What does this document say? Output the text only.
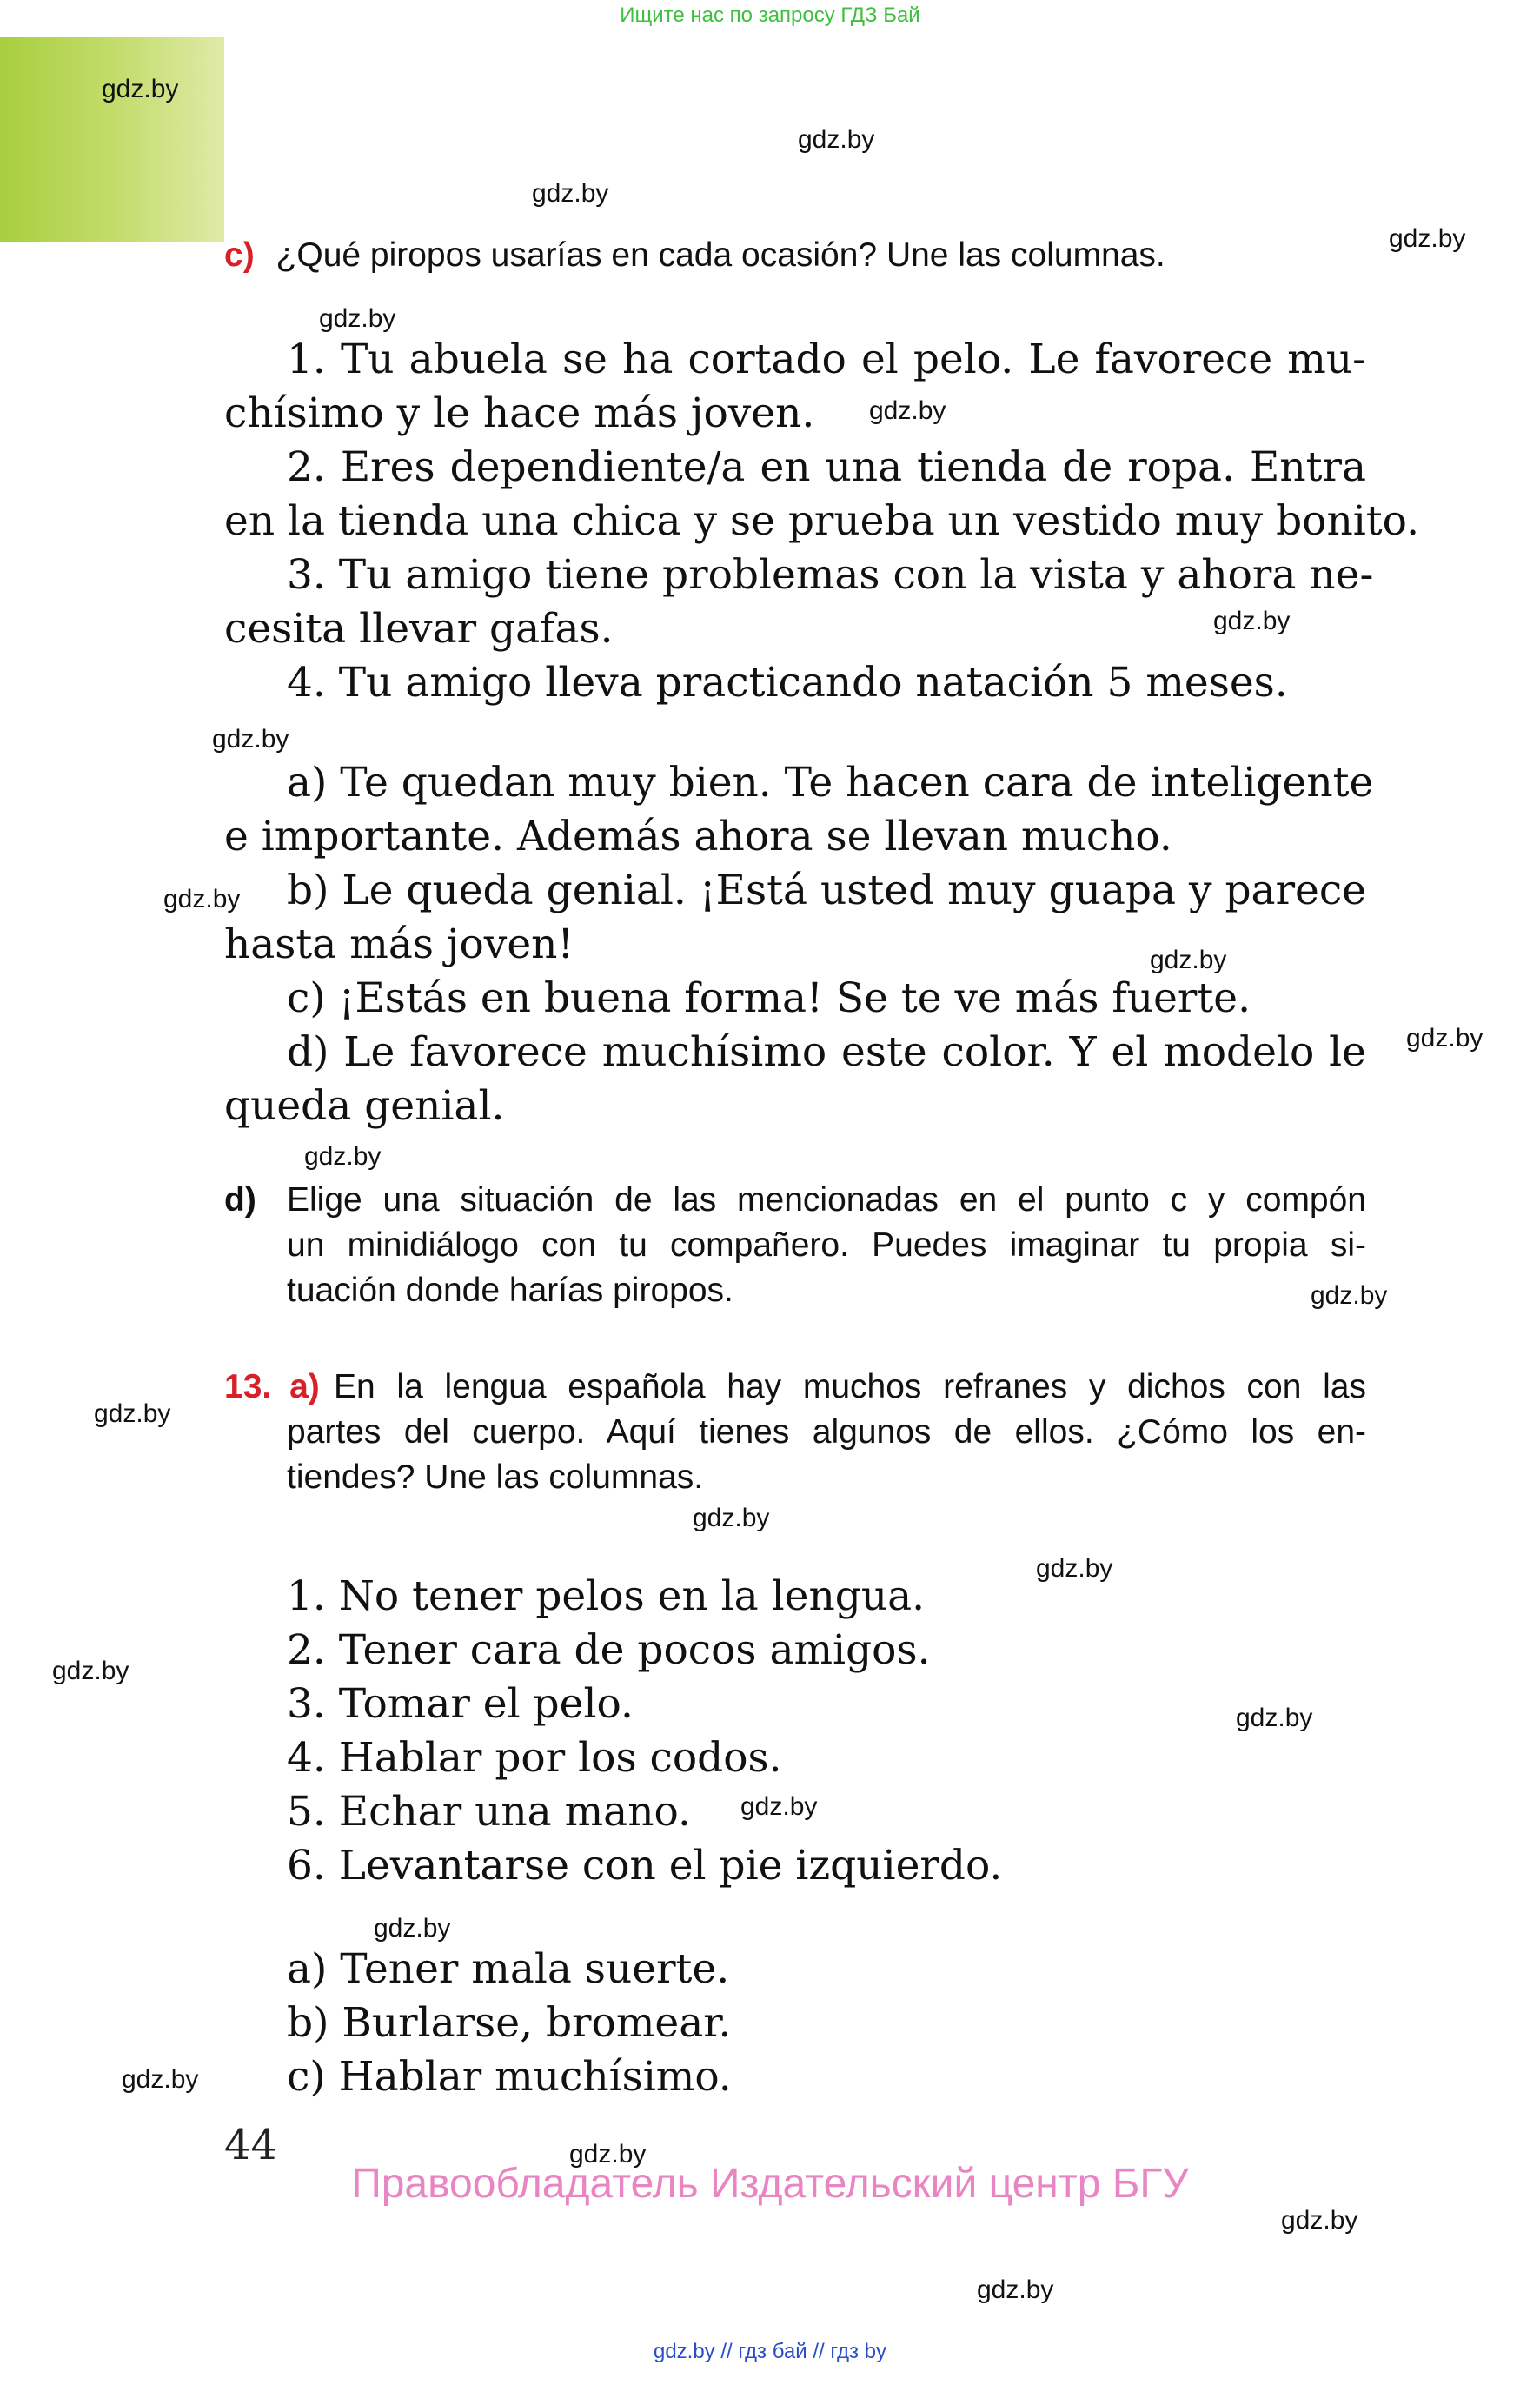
Ищите нас по запросу ГДЗ Бай
gdz.by
gdz.by
gdz.by
gdz.by
gdz.by
gdz.by
gdz.by
gdz.by
gdz.by
gdz.by
gdz.by
gdz.by
gdz.by
gdz.by
gdz.by
gdz.by
gdz.by
gdz.by
gdz.by
gdz.by
gdz.by
gdz.by
gdz.by
gdz.by
c) ¿Qué piropos usarías en cada ocasión? Une las columnas.
1. Tu abuela se ha cortado el pelo. Le favorece mu-
chísimo y le hace más joven.
2. Eres dependiente/a en una tienda de ropa. Entra
en la tienda una chica y se prueba un vestido muy bonito.
3. Tu amigo tiene problemas con la vista y ahora ne-
cesita llevar gafas.
4. Tu amigo lleva practicando natación 5 meses.
a) Te quedan muy bien. Te hacen cara de inteligente
e importante. Además ahora se llevan mucho.
b) Le queda genial. ¡Está usted muy guapa y parece
hasta más joven!
c) ¡Estás en buena forma! Se te ve más fuerte.
d) Le favorece muchísimo este color. Y el modelo le
queda genial.
d) Elige una situación de las mencionadas en el punto c y compón
un minidiálogo con tu compañero. Puedes imaginar tu propia si-
tuación donde harías piropos.
13. a) En la lengua española hay muchos refranes y dichos con las
partes del cuerpo. Aquí tienes algunos de ellos. ¿Cómo los en-
tiendes? Une las columnas.
1. No tener pelos en la lengua.
2. Tener cara de pocos amigos.
3. Tomar el pelo.
4. Hablar por los codos.
5. Echar una mano.
6. Levantarse con el pie izquierdo.
a) Tener mala suerte.
b) Burlarse, bromear.
c) Hablar muchísimo.
44
Правообладатель Издательский центр БГУ
gdz.by // гдз бай // гдз by
